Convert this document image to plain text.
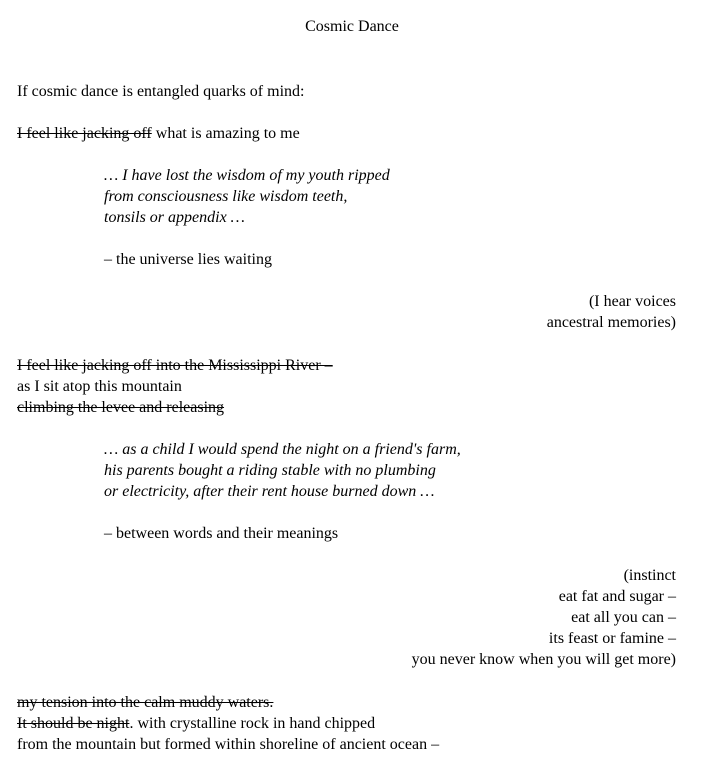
Cosmic Dance
If cosmic dance is entangled quarks of mind:
I feel like jacking off what is amazing to me
… I have lost the wisdom of my youth ripped
from consciousness like wisdom teeth,
tonsils or appendix …
– the universe lies waiting
(I hear voices
ancestral memories)
I feel like jacking off into the Mississippi River –
as I sit atop this mountain
climbing the levee and releasing
… as a child I would spend the night on a friend's farm,
his parents bought a riding stable with no plumbing
or electricity, after their rent house burned down …
– between words and their meanings
(instinct
eat fat and sugar –
eat all you can –
its feast or famine –
you never know when you will get more)
my tension into the calm muddy waters.
It should be night. with crystalline rock in hand chipped
from the mountain but formed within shoreline of ancient ocean –
